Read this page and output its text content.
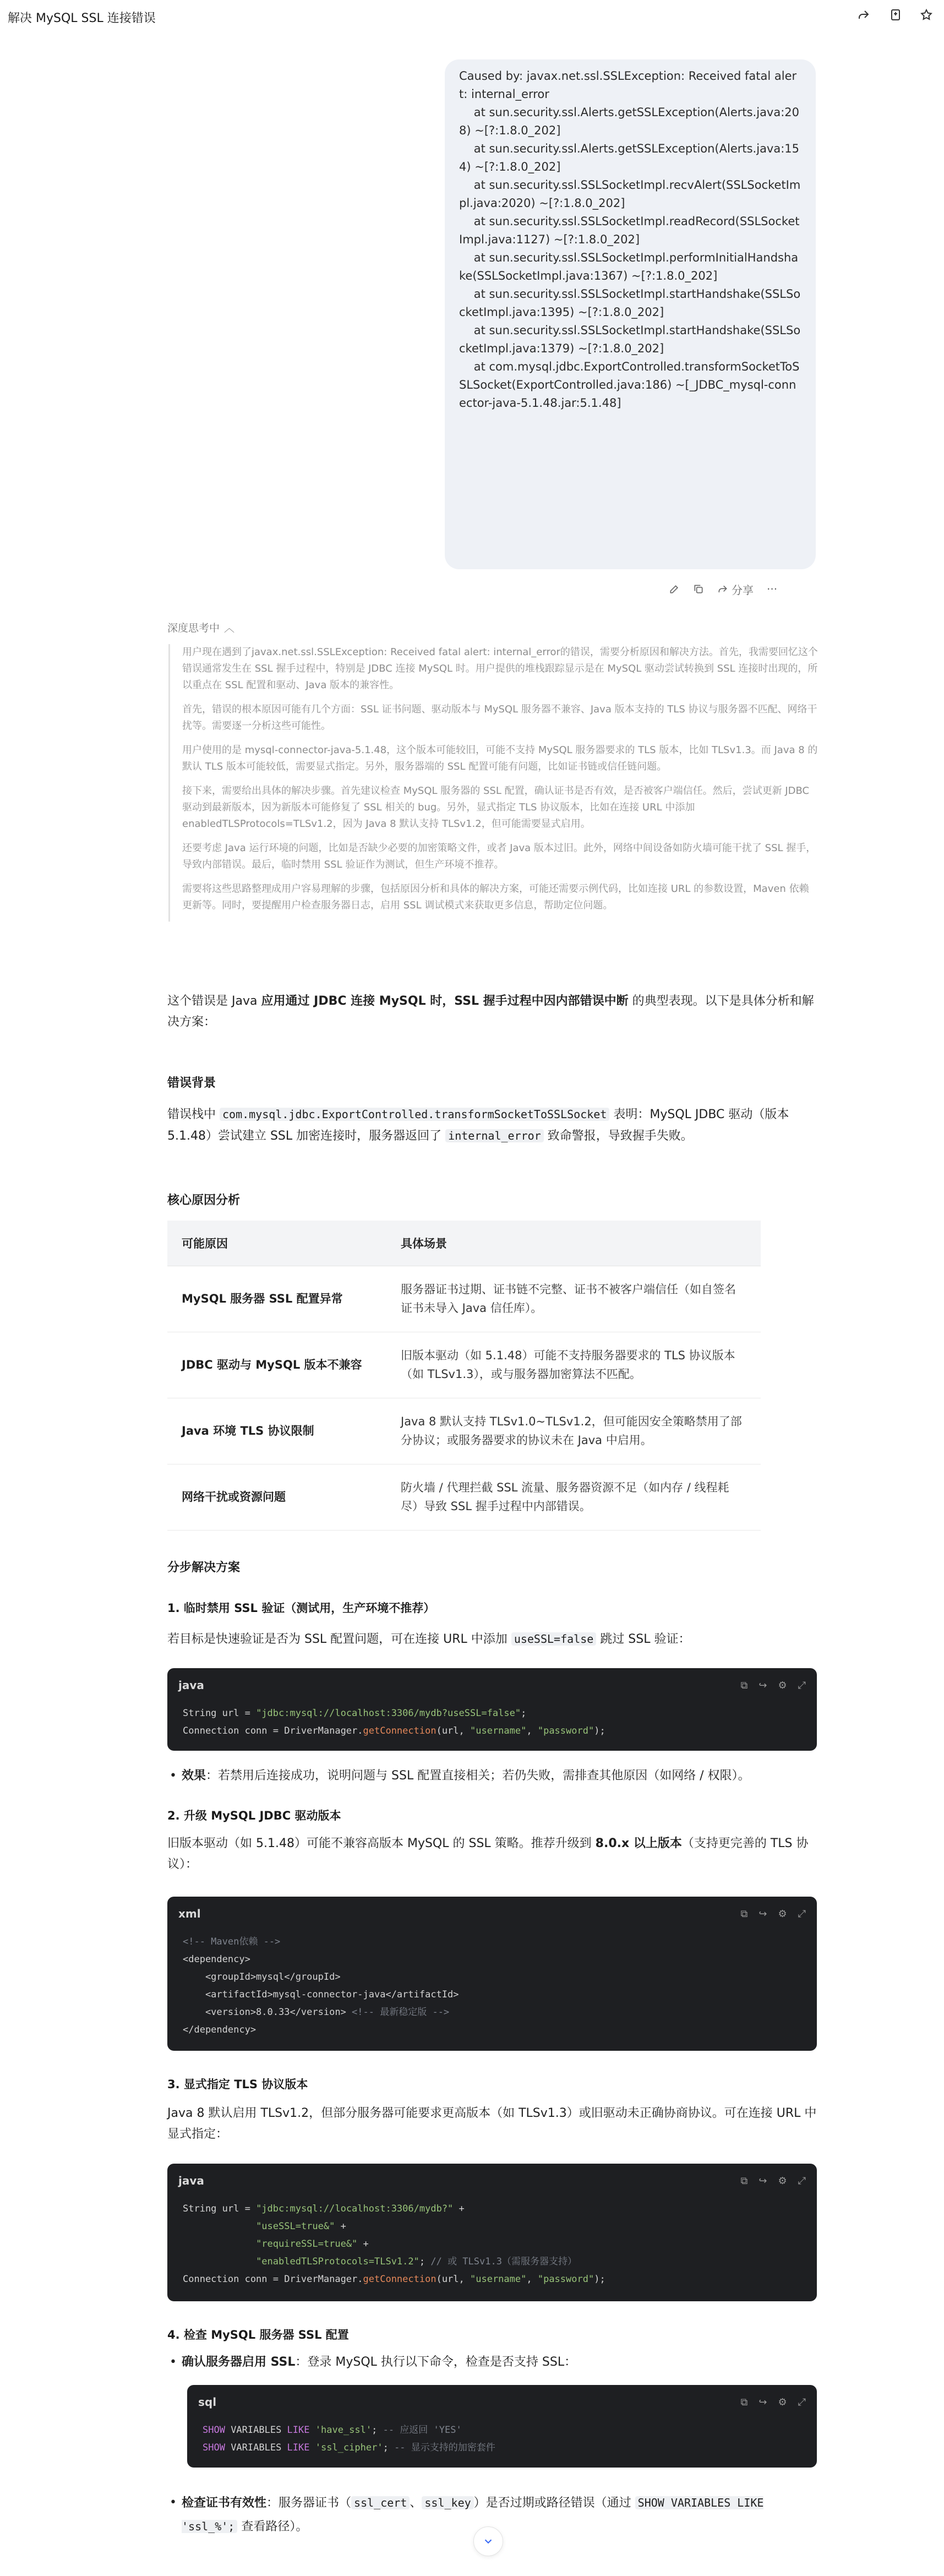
解决 MySQL SSL 连接错误
Caused by: javax.net.ssl.SSLException: Received fatal alert: internal_error
at sun.security.ssl.Alerts.getSSLException(Alerts.java:208) ~[?:1.8.0_202]
at sun.security.ssl.Alerts.getSSLException(Alerts.java:154) ~[?:1.8.0_202]
at sun.security.ssl.SSLSocketImpl.recvAlert(SSLSocketImpl.java:2020) ~[?:1.8.0_202]
at sun.security.ssl.SSLSocketImpl.readRecord(SSLSocketImpl.java:1127) ~[?:1.8.0_202]
at sun.security.ssl.SSLSocketImpl.performInitialHandshake(SSLSocketImpl.java:1367) ~[?:1.8.0_202]
at sun.security.ssl.SSLSocketImpl.startHandshake(SSLSocketImpl.java:1395) ~[?:1.8.0_202]
at sun.security.ssl.SSLSocketImpl.startHandshake(SSLSocketImpl.java:1379) ~[?:1.8.0_202]
at com.mysql.jdbc.ExportControlled.transformSocketToSSLSocket(ExportControlled.java:186) ~[_JDBC_mysql-connector-java-5.1.48.jar:5.1.48]
分享 ···
深度思考中 ︿

用户现在遇到了javax.net.ssl.SSLException: Received fatal alert: internal_error的错误，需要分析原因和解决方法。首先，我需要回忆这个错误通常发生在 SSL 握手过程中，特别是 JDBC 连接 MySQL 时。用户提供的堆栈跟踪显示是在 MySQL 驱动尝试转换到 SSL 连接时出现的，所以重点在 SSL 配置和驱动、Java 版本的兼容性。

首先，错误的根本原因可能有几个方面：SSL 证书问题、驱动版本与 MySQL 服务器不兼容、Java 版本支持的 TLS 协议与服务器不匹配、网络干扰等。需要逐一分析这些可能性。

用户使用的是 mysql-connector-java-5.1.48，这个版本可能较旧，可能不支持 MySQL 服务器要求的 TLS 版本，比如 TLSv1.3。而 Java 8 的默认 TLS 版本可能较低，需要显式指定。另外，服务器端的 SSL 配置可能有问题，比如证书链或信任链问题。

接下来，需要给出具体的解决步骤。首先建议检查 MySQL 服务器的 SSL 配置，确认证书是否有效，是否被客户端信任。然后，尝试更新 JDBC 驱动到最新版本，因为新版本可能修复了 SSL 相关的 bug。另外，显式指定 TLS 协议版本，比如在连接 URL 中添加enabledTLSProtocols=TLSv1.2，因为 Java 8 默认支持 TLSv1.2，但可能需要显式启用。

还要考虑 Java 运行环境的问题，比如是否缺少必要的加密策略文件，或者 Java 版本过旧。此外，网络中间设备如防火墙可能干扰了 SSL 握手，导致内部错误。最后，临时禁用 SSL 验证作为测试，但生产环境不推荐。

需要将这些思路整理成用户容易理解的步骤，包括原因分析和具体的解决方案，可能还需要示例代码，比如连接 URL 的参数设置，Maven 依赖更新等。同时，要提醒用户检查服务器日志，启用 SSL 调试模式来获取更多信息，帮助定位问题。

这个错误是 Java 应用通过 JDBC 连接 MySQL 时，SSL 握手过程中因内部错误中断 的典型表现。以下是具体分析和解决方案：
错误背景
错误栈中 com.mysql.jdbc.ExportControlled.transformSocketToSSLSocket 表明：MySQL JDBC 驱动（版本 5.1.48）尝试建立 SSL 加密连接时，服务器返回了 internal_error 致命警报，导致握手失败。
核心原因分析
可能原因	具体场景
MySQL 服务器 SSL 配置异常	服务器证书过期、证书链不完整、证书不被客户端信任（如自签名证书未导入 Java 信任库）。
JDBC 驱动与 MySQL 版本不兼容	旧版本驱动（如 5.1.48）可能不支持服务器要求的 TLS 协议版本（如 TLSv1.3），或与服务器加密算法不匹配。
Java 环境 TLS 协议限制	Java 8 默认支持 TLSv1.0~TLSv1.2，但可能因安全策略禁用了部分协议；或服务器要求的协议未在 Java 中启用。
网络干扰或资源问题	防火墙 / 代理拦截 SSL 流量、服务器资源不足（如内存 / 线程耗尽）导致 SSL 握手过程中内部错误。
分步解决方案
1. 临时禁用 SSL 验证（测试用，生产环境不推荐）
若目标是快速验证是否为 SSL 配置问题，可在连接 URL 中添加 useSSL=false 跳过 SSL 验证：
java	⧉ ↪ ⚙ ⤢
String url = "jdbc:mysql://localhost:3306/mydb?useSSL=false";
Connection conn = DriverManager.getConnection(url, "username", "password");
• 效果：若禁用后连接成功，说明问题与 SSL 配置直接相关；若仍失败，需排查其他原因（如网络 / 权限）。
2. 升级 MySQL JDBC 驱动版本
旧版本驱动（如 5.1.48）可能不兼容高版本 MySQL 的 SSL 策略。推荐升级到 8.0.x 以上版本（支持更完善的 TLS 协议）：
xml	⧉ ↪ ⚙ ⤢
<!-- Maven依赖 -->
<dependency>
<groupId>mysql</groupId>
<artifactId>mysql-connector-java</artifactId>
<version>8.0.33</version> <!-- 最新稳定版 -->
</dependency>
3. 显式指定 TLS 协议版本
Java 8 默认启用 TLSv1.2，但部分服务器可能要求更高版本（如 TLSv1.3）或旧驱动未正确协商协议。可在连接 URL 中显式指定：
java	⧉ ↪ ⚙ ⤢
String url = "jdbc:mysql://localhost:3306/mydb?" +
"useSSL=true&" +
"requireSSL=true&" +
"enabledTLSProtocols=TLSv1.2"; // 或 TLSv1.3（需服务器支持）
Connection conn = DriverManager.getConnection(url, "username", "password");
4. 检查 MySQL 服务器 SSL 配置
• 确认服务器启用 SSL：登录 MySQL 执行以下命令，检查是否支持 SSL：
sql	⧉ ↪ ⚙ ⤢
SHOW VARIABLES LIKE 'have_ssl'; -- 应返回 'YES'
SHOW VARIABLES LIKE 'ssl_cipher'; -- 显示支持的加密套件
• 检查证书有效性：服务器证书（ ssl_cert 、 ssl_key ）是否过期或路径错误（通过 SHOW VARIABLES LIKE 'ssl_%'; 查看路径）。
